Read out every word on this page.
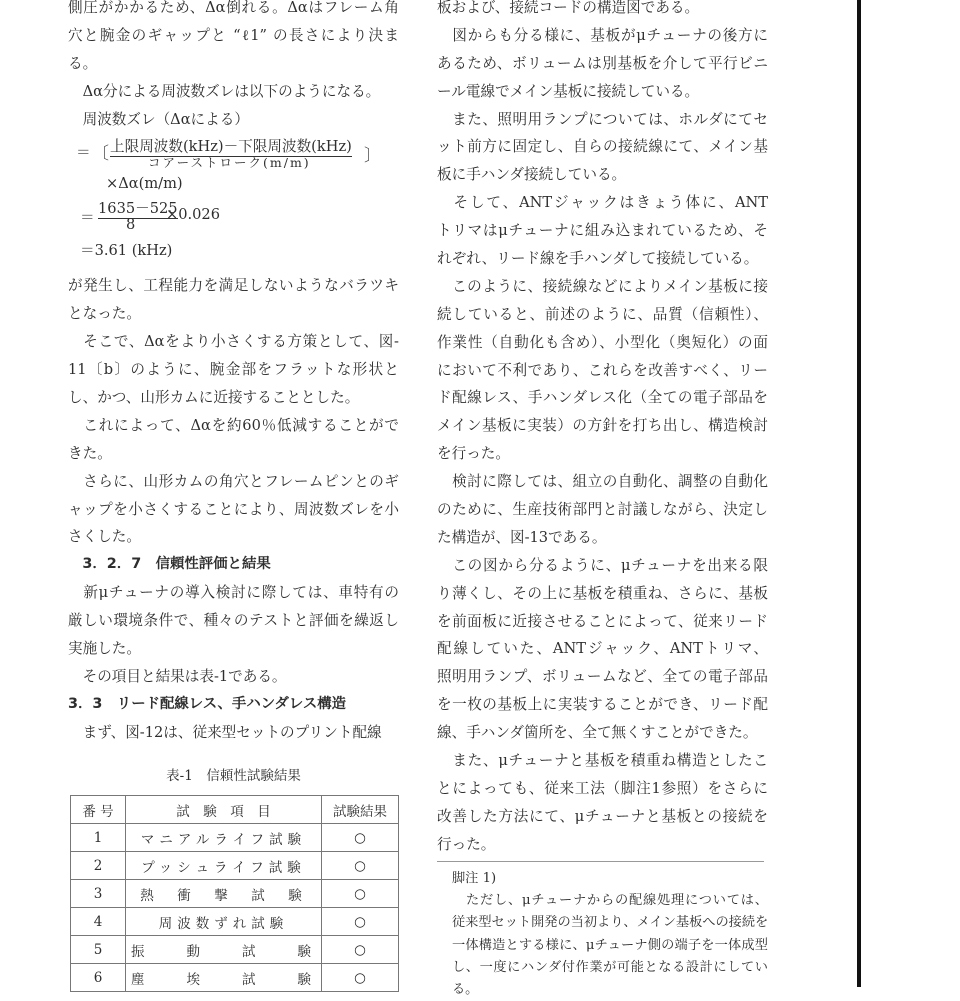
側圧がかかるため、Δα倒れる。Δαはフレーム角
穴と腕金のギャップと “ℓ1” の長さにより決ま
る。
　Δα分による周波数ズレは以下のようになる。
　周波数ズレ（Δαによる）
＝ 〔 上限周波数(kHz)－下限周波数(kHz)
コアーストローク(m/m)	〕
×Δα(m/m)
＝
1635－525
8
×0.026
＝3.61 (kHz)
が発生し、工程能力を満足しないようなバラツキ
となった。
　そこで、Δαをより小さくする方策として、図-
11〔b〕のように、腕金部をフラットな形状と
し、かつ、山形カムに近接することとした。
　これによって、Δαを約60％低減することがで
きた。
　さらに、山形カムの角穴とフレームピンとのギ
ャップを小さくすることにより、周波数ズレを小
さくした。
　3．2．7　信頼性評価と結果
　新μチューナの導入検討に際しては、車特有の
厳しい環境条件で、種々のテストと評価を繰返し
実施した。
　その項目と結果は表-1である。
3．3　リード配線レス、手ハンダレス構造
　まず、図-12は、従来型セットのプリント配線
表-1　信頼性試験結果
番 号	試　験　項　目	試験結果
1	マニアルライフ試験	○
2	プッシュライフ試験	○
3	熱　衝　撃　試　験	○
4	周波数ずれ試験	○
5	振　　動　　試　　験	○
6	塵　　埃　　試　　験	○
板および、接続コードの構造図である。
　図からも分る様に、基板がμチューナの後方に
あるため、ボリュームは別基板を介して平行ビニ
ール電線でメイン基板に接続している。
　また、照明用ランプについては、ホルダにてセ
ット前方に固定し、自らの接続線にて、メイン基
板に手ハンダ接続している。
　そして、ANTジャックはきょう体に、ANT
トリマはμチューナに組み込まれているため、そ
れぞれ、リード線を手ハンダして接続している。
　このように、接続線などによりメイン基板に接
続していると、前述のように、品質（信頼性）、
作業性（自動化も含め）、小型化（奥短化）の面
において不利であり、これらを改善すべく、リー
ド配線レス、手ハンダレス化（全ての電子部品を
メイン基板に実装）の方針を打ち出し、構造検討
を行った。
　検討に際しては、組立の自動化、調整の自動化
のために、生産技術部門と討議しながら、決定し
た構造が、図-13である。
　この図から分るように、μチューナを出来る限
り薄くし、その上に基板を積重ね、さらに、基板
を前面板に近接させることによって、従来リード
配線していた、ANTジャック、ANTトリマ、
照明用ランプ、ボリュームなど、全ての電子部品
を一枚の基板上に実装することができ、リード配
線、手ハンダ箇所を、全て無くすことができた。
　また、μチューナと基板を積重ね構造としたこ
とによっても、従来工法（脚注1参照）をさらに
改善した方法にて、μチューナと基板との接続を
行った。
脚注 1)
　ただし、μチューナからの配線処理については、
従来型セット開発の当初より、メイン基板への接続を
一体構造とする様に、μチューナ側の端子を一体成型
し、一度にハンダ付作業が可能となる設計にしてい
る。
